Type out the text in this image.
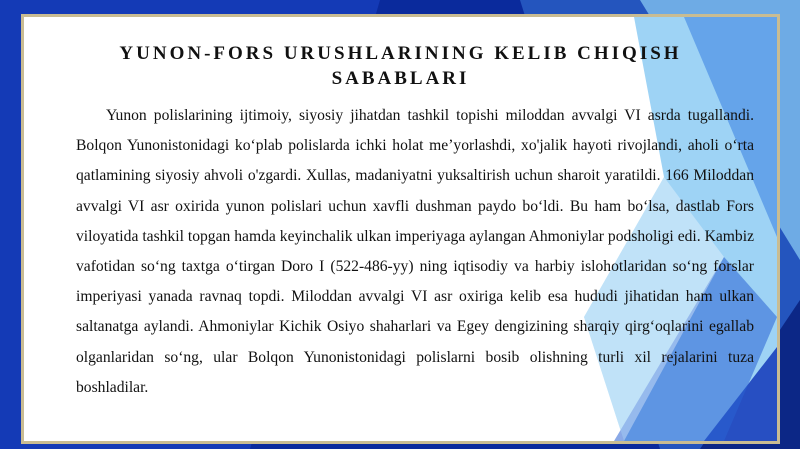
YUNON-FORS URUSHLARINING KELIB CHIQISH SABABLARI

Yunon polislarining ijtimoiy, siyosiy jihatdan tashkil topishi miloddan avvalgi VI asrda tugallandi. Bolqon Yunonistonidagi ko‘plab polislarda ichki holat me’yorlashdi, xo'jalik hayoti rivojlandi, aholi o‘rta qatlamining siyosiy ahvoli o'zgardi. Xullas, madaniyatni yuksaltirish uchun sharoit yaratildi. 166 Miloddan avvalgi VI asr oxirida yunon polislari uchun xavfli dushman paydo bo‘ldi. Bu ham bo‘lsa, dastlab Fors viloyatida tashkil topgan hamda keyinchalik ulkan imperiyaga aylangan Ahmoniylar podsholigi edi. Kambiz vafotidan so‘ng taxtga o‘tirgan Doro I (522-486-yy) ning iqtisodiy va harbiy islohotlaridan so‘ng forslar imperiyasi yanada ravnaq topdi. Miloddan avvalgi VI asr oxiriga kelib esa hududi jihatidan ham ulkan saltanatga aylandi. Ahmoniylar Kichik Osiyo shaharlari va Egey dengizining sharqiy qirg‘oqlarini egallab olganlaridan so‘ng, ular Bolqon Yunonistonidagi polislarni bosib olishning turli xil rejalarini tuza boshladilar.
